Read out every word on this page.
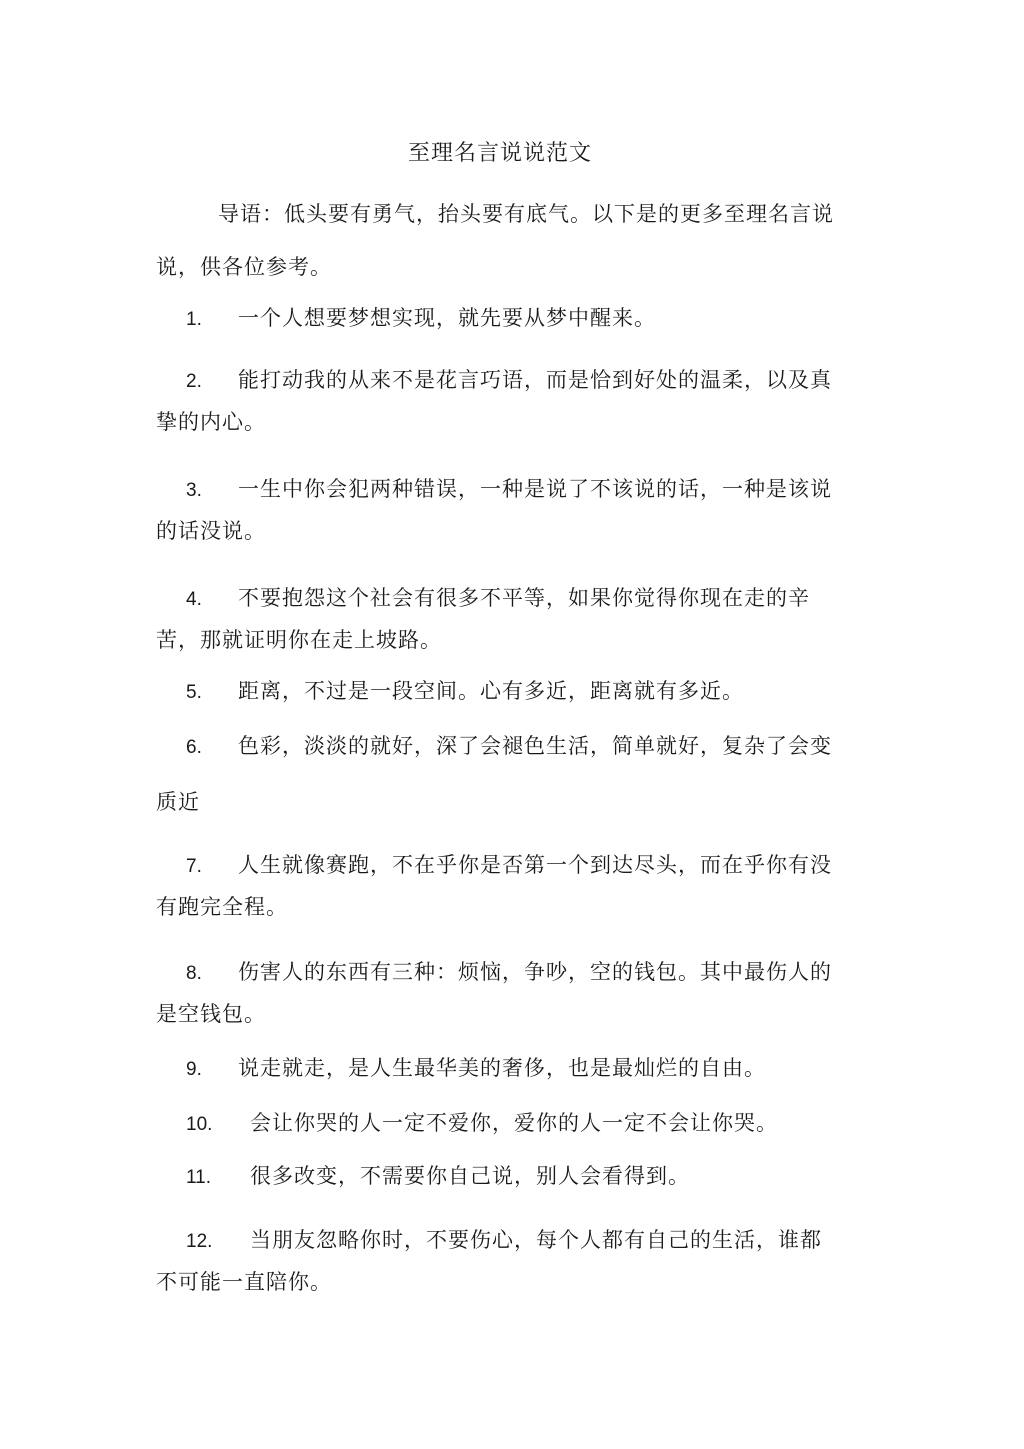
至理名言说说范文
导语：低头要有勇气，抬头要有底气。以下是的更多至理名言说说，供各位参考。
1. 一个人想要梦想实现，就先要从梦中醒来。
2. 能打动我的从来不是花言巧语，而是恰到好处的温柔，以及真挚的内心。
3. 一生中你会犯两种错误，一种是说了不该说的话，一种是该说的话没说。
4. 不要抱怨这个社会有很多不平等，如果你觉得你现在走的辛苦，那就证明你在走上坡路。
5. 距离，不过是一段空间。心有多近，距离就有多近。
6. 色彩，淡淡的就好，深了会褪色生活，简单就好，复杂了会变质近
7. 人生就像赛跑，不在乎你是否第一个到达尽头，而在乎你有没有跑完全程。
8. 伤害人的东西有三种：烦恼，争吵，空的钱包。其中最伤人的是空钱包。
9. 说走就走，是人生最华美的奢侈，也是最灿烂的自由。
10. 会让你哭的人一定不爱你，爱你的人一定不会让你哭。
11. 很多改变，不需要你自己说，别人会看得到。
12. 当朋友忽略你时，不要伤心，每个人都有自己的生活，谁都不可能一直陪你。
